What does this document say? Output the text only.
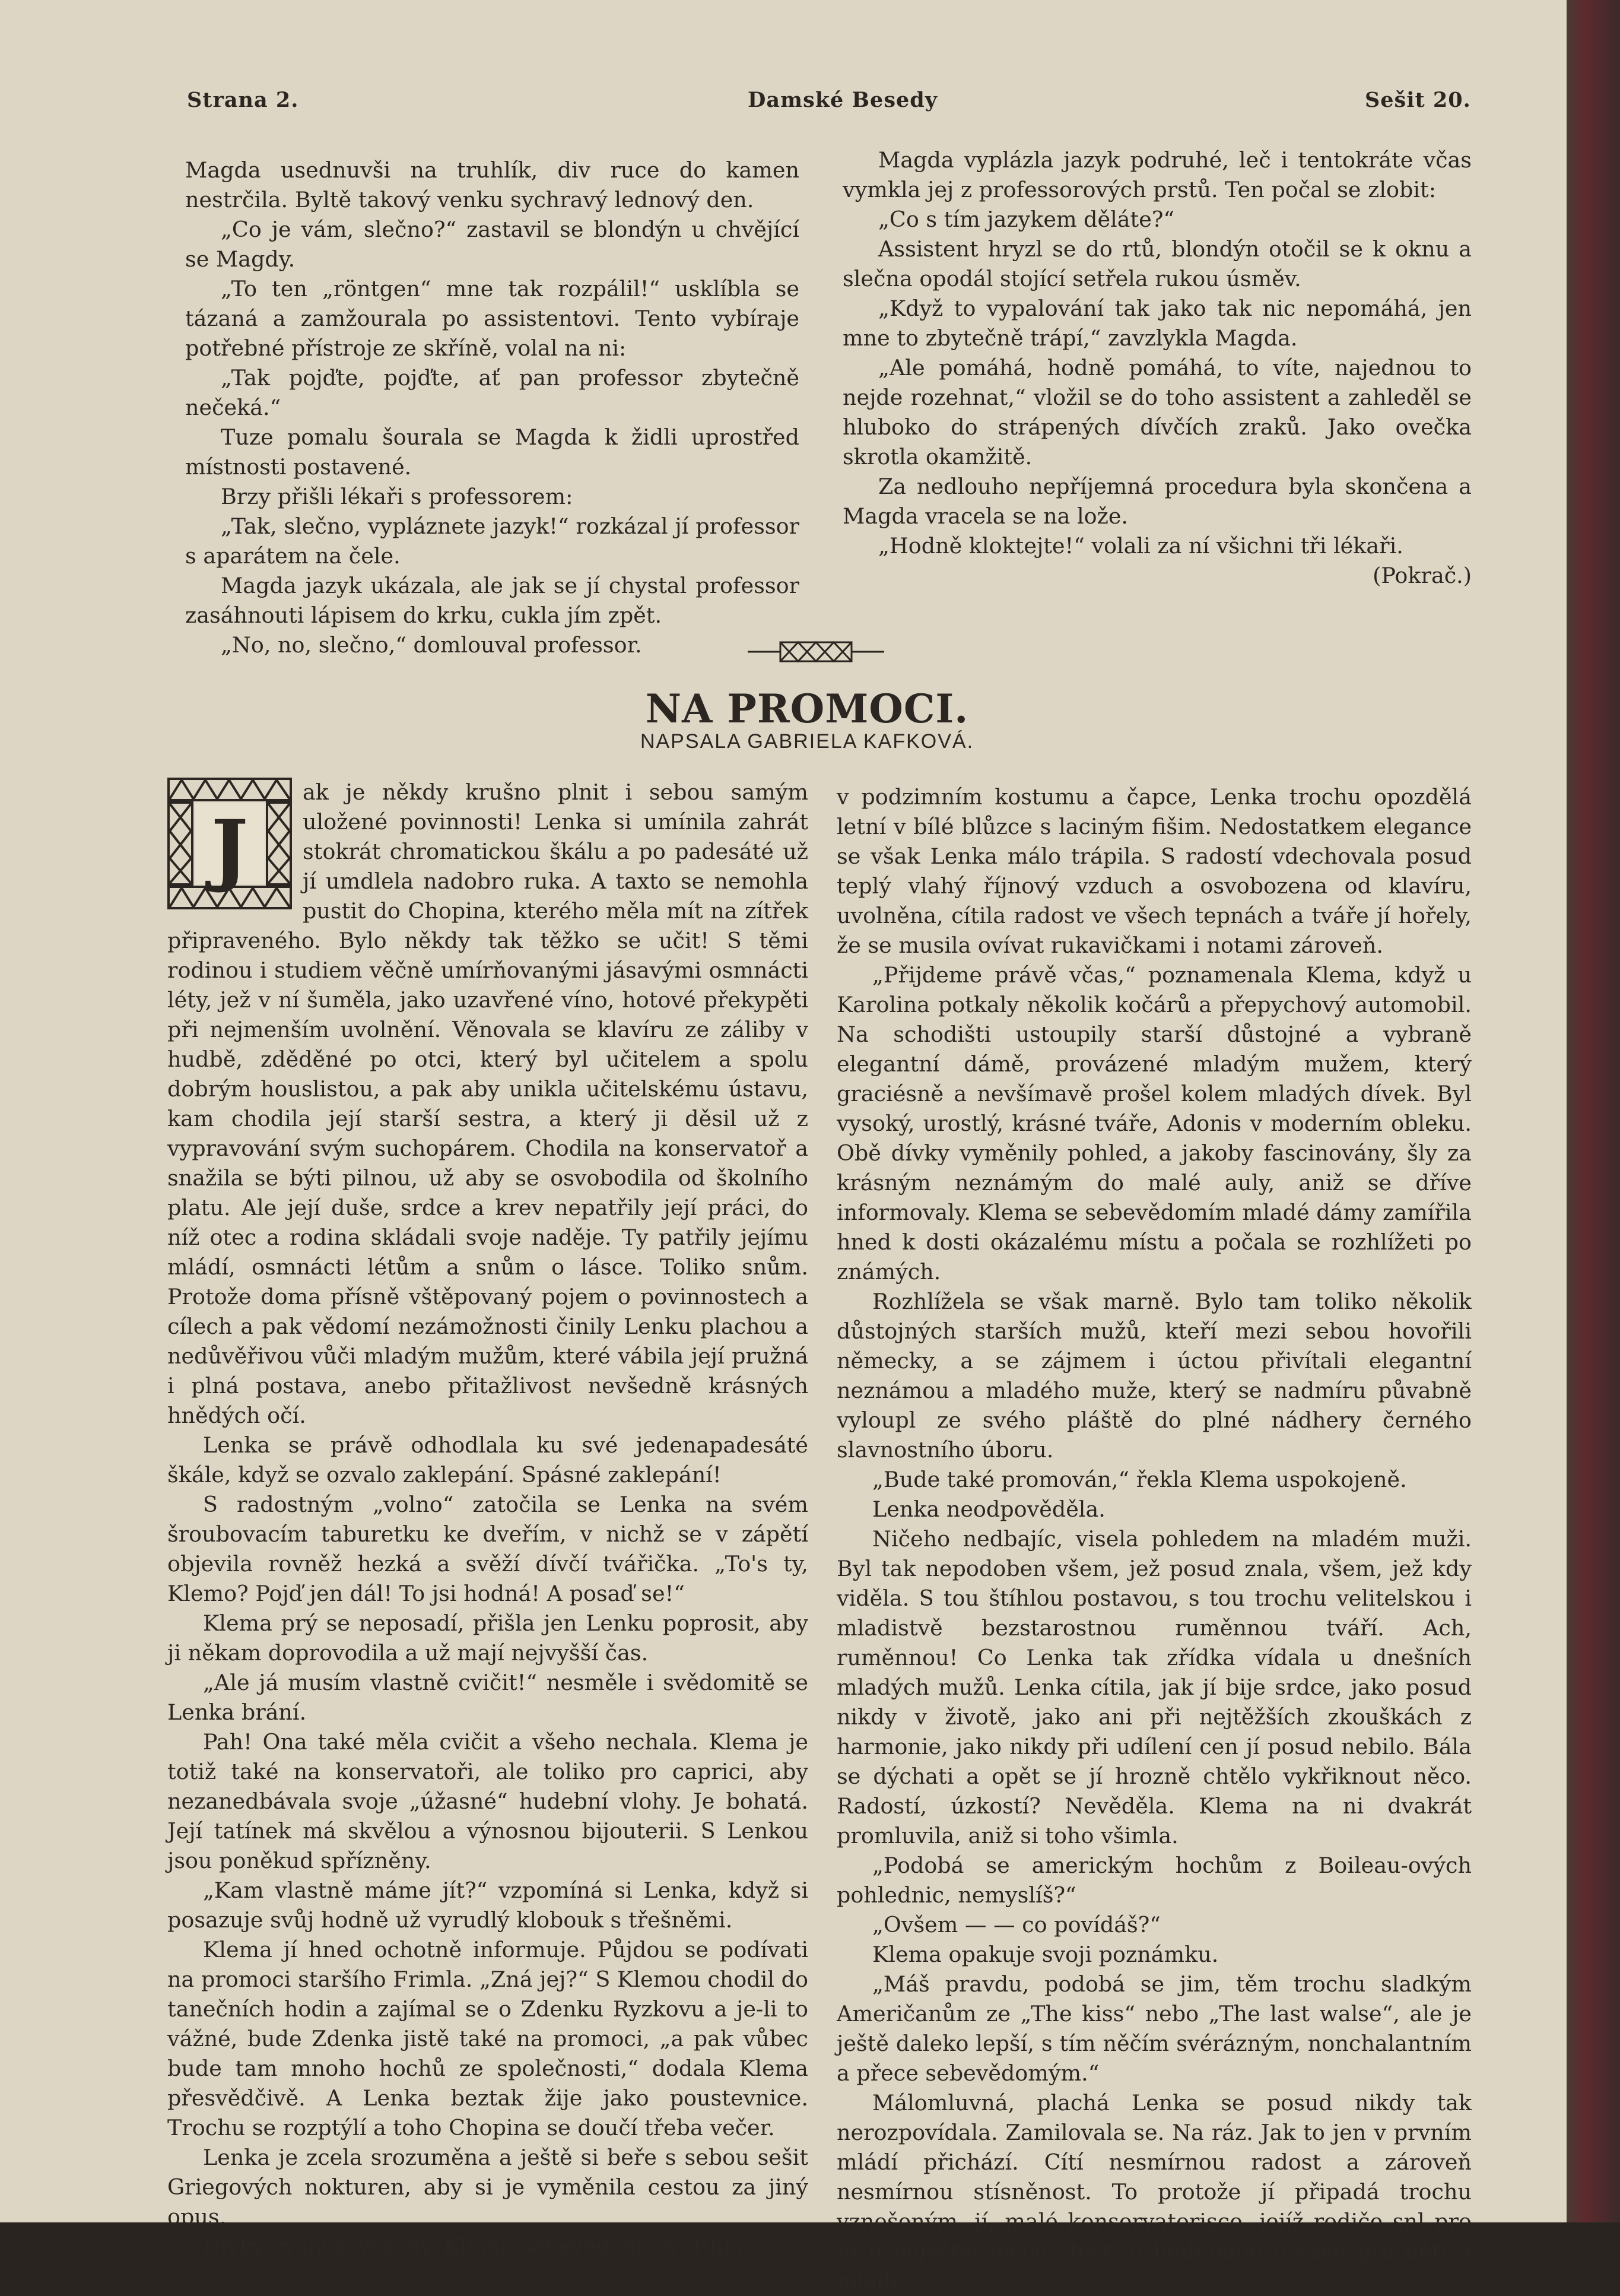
Strana 2.	Damské Besedy	Sešit 20.

Magda usednuvši na truhlík, div ruce do kamen nestrčila. Byltě takový venku sychravý lednový den.

„Co je vám, slečno?“ zastavil se blondýn u chvějící se Magdy.

„To ten „röntgen“ mne tak rozpálil!“ usklíbla se tázaná a zamžourala po assistentovi. Tento vybíraje potřebné přístroje ze skříně, volal na ni:

„Tak pojďte, pojďte, ať pan professor zbytečně nečeká.“

Tuze pomalu šourala se Magda k židli uprostřed místnosti postavené.

Brzy přišli lékaři s professorem:

„Tak, slečno, vypláznete jazyk!“ rozkázal jí professor s aparátem na čele.

Magda jazyk ukázala, ale jak se jí chystal professor zasáhnouti lápisem do krku, cukla jím zpět.

„No, no, slečno,“ domlouval professor.

Magda vyplázla jazyk podruhé, leč i tentokráte včas vymkla jej z professorových prstů. Ten počal se zlobit:

„Co s tím jazykem děláte?“

Assistent hryzl se do rtů, blondýn otočil se k oknu a slečna opodál stojící setřela rukou úsměv.

„Když to vypalování tak jako tak nic nepomáhá, jen mne to zbytečně trápí,“ zavzlykla Magda.

„Ale pomáhá, hodně pomáhá, to víte, najednou to nejde rozehnat,“ vložil se do toho assistent a zahleděl se hluboko do strápených dívčích zraků. Jako ovečka skrotla okamžitě.

Za nedlouho nepříjemná procedura byla skončena a Magda vracela se na lože.

„Hodně kloktejte!“ volali za ní všichni tři lékaři.

(Pokrač.)

NA PROMOCI.
NAPSALA GABRIELA KAFKOVÁ.

J
ak je někdy krušno plnit i sebou samým uložené povinnosti! Lenka si umínila zahrát stokrát chromatickou škálu a po padesáté už jí umdlela nadobro ruka. A taxto se nemohla pustit do Chopina, kterého měla mít na zítřek připraveného. Bylo někdy tak těžko se učit! S těmi rodinou i studiem věčně umírňovanými jásavými osmnácti léty, jež v ní šuměla, jako uzavřené víno, hotové překypěti při nejmenším uvolnění. Věnovala se klavíru ze záliby v hudbě, zděděné po otci, který byl učitelem a spolu dobrým houslistou, a pak aby unikla učitelskému ústavu, kam chodila její starší sestra, a který ji děsil už z vypravování svým suchopárem. Chodila na konservatoř a snažila se býti pilnou, už aby se osvobodila od školního platu. Ale její duše, srdce a krev nepatřily její práci, do níž otec a rodina skládali svoje naděje. Ty patřily jejímu mládí, osmnácti létům a snům o lásce. Toliko snům. Protože doma přísně vštěpovaný pojem o povinnostech a cílech a pak vědomí nezámožnosti činily Lenku plachou a nedůvěřivou vůči mladým mužům, které vábila její pružná i plná postava, anebo přitažlivost nevšedně krásných hnědých očí.

Lenka se právě odhodlala ku své jedenapadesáté škále, když se ozvalo zaklepání. Spásné zaklepání!

S radostným „volno“ zatočila se Lenka na svém šroubovacím taburetku ke dveřím, v nichž se v zápětí objevila rovněž hezká a svěží dívčí tvářička. „To's ty, Klemo? Pojď jen dál! To jsi hodná! A posaď se!“

Klema prý se neposadí, přišla jen Lenku poprosit, aby ji někam doprovodila a už mají nejvyšší čas.

„Ale já musím vlastně cvičit!“ nesměle i svědomitě se Lenka brání.

Pah! Ona také měla cvičit a všeho nechala. Klema je totiž také na konservatoři, ale toliko pro caprici, aby nezanedbávala svoje „úžasné“ hudební vlohy. Je bohatá. Její tatínek má skvělou a výnosnou bijouterii. S Lenkou jsou poněkud spřízněny.

„Kam vlastně máme jít?“ vzpomíná si Lenka, když si posazuje svůj hodně už vyrudlý klobouk s třešněmi.

Klema jí hned ochotně informuje. Půjdou se podívati na promoci staršího Frimla. „Zná jej?“ S Klemou chodil do tanečních hodin a zajímal se o Zdenku Ryzkovu a je-li to vážné, bude Zdenka jistě také na promoci, „a pak vůbec bude tam mnoho hochů ze společnosti,“ dodala Klema přesvědčivě. A Lenka beztak žije jako poustevnice. Trochu se rozptýlí a toho Chopina se doučí třeba večer.

Lenka je zcela srozuměna a ještě si beře s sebou sešit Griegových nokturen, aby si je vyměnila cestou za jiný opus.

Dívky vyšly zavěšeny. Klema sebevědomá a štíhlá

v podzimním kostumu a čapce, Lenka trochu opozdělá letní v bílé blůzce s laciným fišim. Nedostatkem elegance se však Lenka málo trápila. S radostí vdechovala posud teplý vlahý říjnový vzduch a osvobozena od klavíru, uvolněna, cítila radost ve všech tepnách a tváře jí hořely, že se musila ovívat rukavičkami i notami zároveň.

„Přijdeme právě včas,“ poznamenala Klema, když u Karolina potkaly několik kočárů a přepychový automobil. Na schodišti ustoupily starší důstojné a vybraně elegantní dámě, provázené mladým mužem, který graciésně a nevšímavě prošel kolem mladých dívek. Byl vysoký, urostlý, krásné tváře, Adonis v moderním obleku. Obě dívky vyměnily pohled, a jakoby fascinovány, šly za krásným neznámým do malé auly, aniž se dříve informovaly. Klema se sebevědomím mladé dámy zamířila hned k dosti okázalému místu a počala se rozhlížeti po známých.

Rozhlížela se však marně. Bylo tam toliko několik důstojných starších mužů, kteří mezi sebou hovořili německy, a se zájmem i úctou přivítali elegantní neznámou a mladého muže, který se nadmíru půvabně vyloupl ze svého pláště do plné nádhery černého slavnostního úboru.

„Bude také promován,“ řekla Klema uspokojeně.

Lenka neodpověděla.

Ničeho nedbajíc, visela pohledem na mladém muži. Byl tak nepodoben všem, jež posud znala, všem, jež kdy viděla. S tou štíhlou postavou, s tou trochu velitelskou i mladistvě bezstarostnou ruměnnou tváří. Ach, ruměnnou! Co Lenka tak zřídka vídala u dnešních mladých mužů. Lenka cítila, jak jí bije srdce, jako posud nikdy v životě, jako ani při nejtěžších zkouškách z harmonie, jako nikdy při udílení cen jí posud nebilo. Bála se dýchati a opět se jí hrozně chtělo vykřiknout něco. Radostí, úzkostí? Nevěděla. Klema na ni dvakrát promluvila, aniž si toho všimla.

„Podobá se americkým hochům z Boileau-ových pohlednic, nemyslíš?“

„Ovšem — — co povídáš?“

Klema opakuje svoji poznámku.

„Máš pravdu, podobá se jim, těm trochu sladkým Američanům ze „The kiss“ nebo „The last walse“, ale je ještě daleko lepší, s tím něčím svérázným, nonchalantním a přece sebevědomým.“

Málomluvná, plachá Lenka se posud nikdy tak nerozpovídala. Zamilovala se. Na ráz. Jak to jen v prvním mládí přichází. Cítí nesmírnou radost a zároveň nesmírnou stísněnost. To protože jí připadá trochu vznešeným, jí, malé konservatorisce, jejíž rodiče snl pro ni o největší mecé štěstí o hudebním ústavě pro děti a mladé
